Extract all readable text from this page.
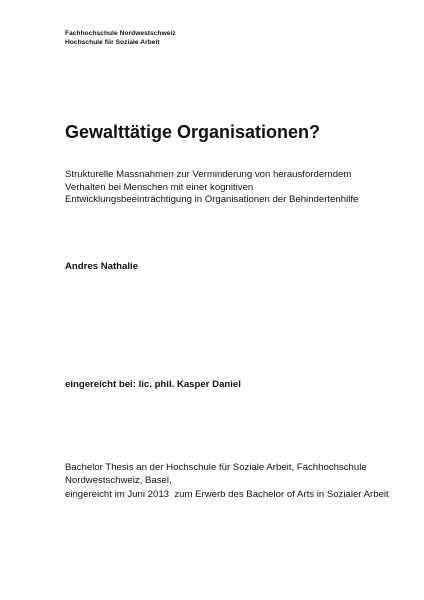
Fachhochschule Nordwestschweiz
Hochschule für Soziale Arbeit
Gewalttätige Organisationen?
Strukturelle Massnahmen zur Verminderung von herausforderndem
Verhalten bei Menschen mit einer kognitiven
Entwicklungsbeeinträchtigung in Organisationen der Behindertenhilfe
Andres Nathalie
eingereicht bei: lic. phil. Kasper Daniel
Bachelor Thesis an der Hochschule für Soziale Arbeit, Fachhochschule
Nordwestschweiz, Basel,
eingereicht im Juni 2013  zum Erwerb des Bachelor of Arts in Sozialer Arbeit
